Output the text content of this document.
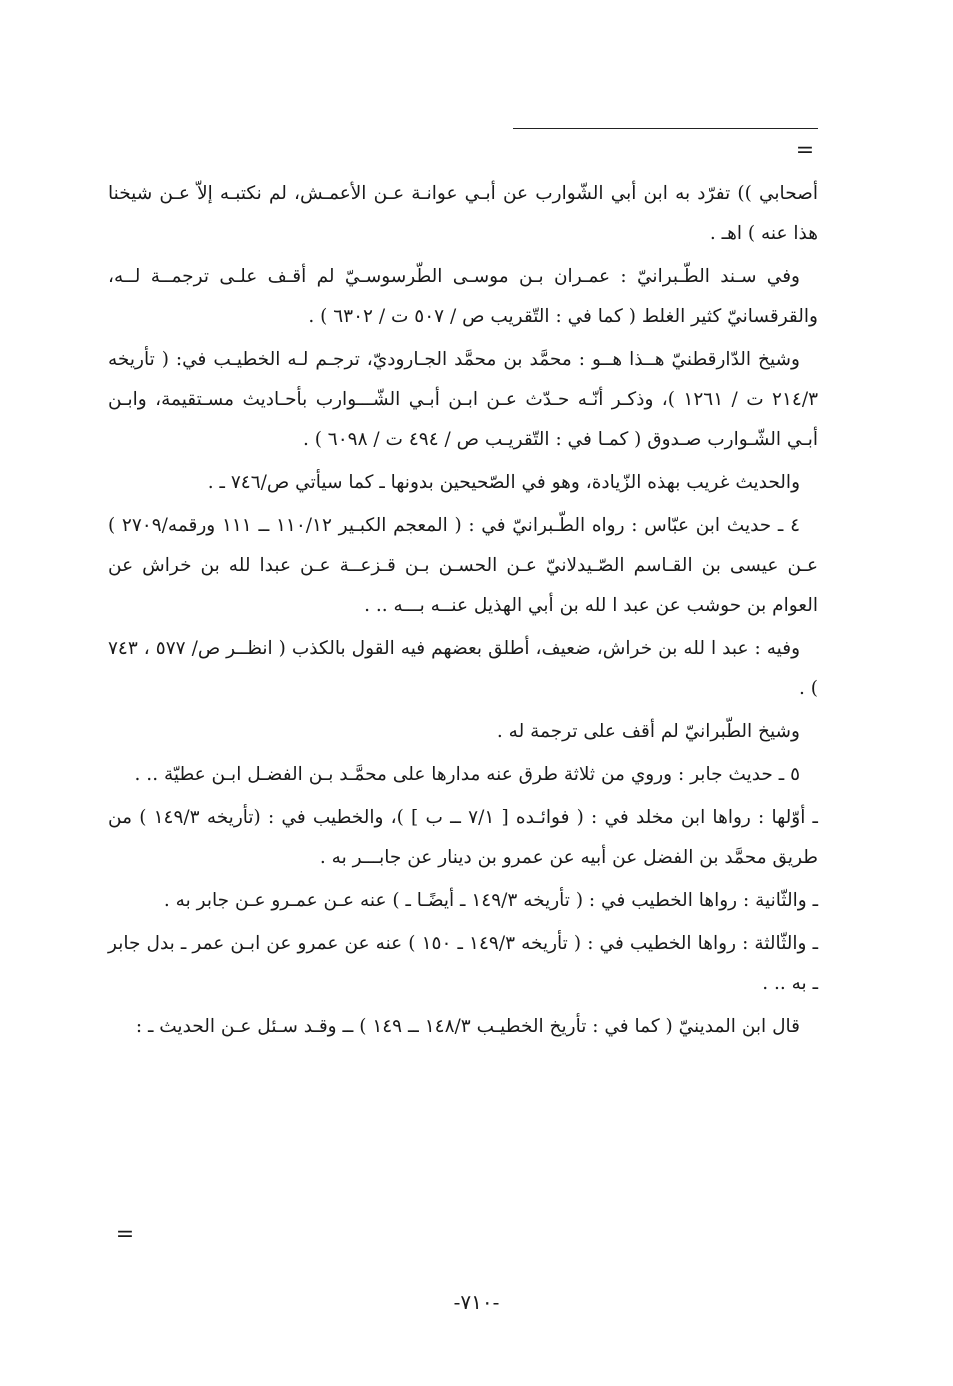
=

أصحابي )) تفرّد به ابن أبي الشّوارب عن أبـي عوانـة عـن الأعمـش، لم نكتبـه إلاّ عـن شيخنا هذا عنه ) اهـ .

وفي سـند الطّـبرانيّ : عمـران بـن موسـى الطّرسوسـيّ لم أقـف علـى ترجمــة لــه، والقرقسانيّ كثير الغلط ( كما في : التّقريب ص / ٥٠٧ ت / ٦٣٠٢ ) .

وشيخ الدّارقطنيّ هــذا هــو : محمَّد بن محمَّد الجـاروديّ، ترجـم لـه الخطيـب في: ( تأريخه ٢١٤/٣ ت / ١٢٦١ )، وذكـر أنّـه حـدّث عـن ابـن أبـي الشّـــوارب بأحـاديث مسـتقيمة، وابـن أبـي الشّـوارب صـدوق ( كمـا في : التّقريـب ص / ٤٩٤ ت / ٦٠٩٨ ) .

والحديث غريب بهذه الزّيادة، وهو في الصّحيحين بدونها ـ كما سيأتي ص/٧٤٦ ـ .

٤ ـ حديث ابن عبّاس : رواه الطّـبرانيّ في : ( المعجم الكبـير ١١٠/١٢ ــ ١١١ ورقمه/٢٧٠٩ ) عـن عيسى بن القـاسم الصّـيدلانيّ عـن الحسـن بـن قـزعــة عـن عبدا لله بن خراش عن العوام بن حوشب عن عبد ا لله بن أبي الهذيل عنــه بـــه .. .

وفيه : عبد ا لله بن خراش، ضعيف، أطلق بعضهم فيه القول بالكذب ( انظــر ص/ ٥٧٧ ، ٧٤٣ ) .

وشيخ الطّبرانيّ لم أقف على ترجمة له .

٥ ـ حديث جابر : وروي من ثلاثة طرق عنه مدارها على محمَّـد بـن الفضـل ابـن عطيّة .. .

ـ أوّلها : رواها ابن مخلد في : ( فوائـده [ ٧/١ ــ ب ] )، والخطيب في : (تأريخه ١٤٩/٣ ) من طريق محمَّد بن الفضل عن أبيه عن عمرو بن دينار عن جابـــر به .

ـ والثّانية : رواها الخطيب في : ( تأريخه ١٤٩/٣ ـ أيضًـا ـ ) عنه عـن عمـرو عـن جابر به .

ـ والثّالثة : رواها الخطيب في : ( تأريخه ١٤٩/٣ ـ ١٥٠ ) عنه عن عمرو عن ابـن عمر ـ بدل جابر ـ به .. .

قال ابن المدينيّ ( كما في : تأريخ الخطيـب ١٤٨/٣ ــ ١٤٩ ) ــ وقـد سـئل عـن الحديث ـ :

=
-٧١٠-
